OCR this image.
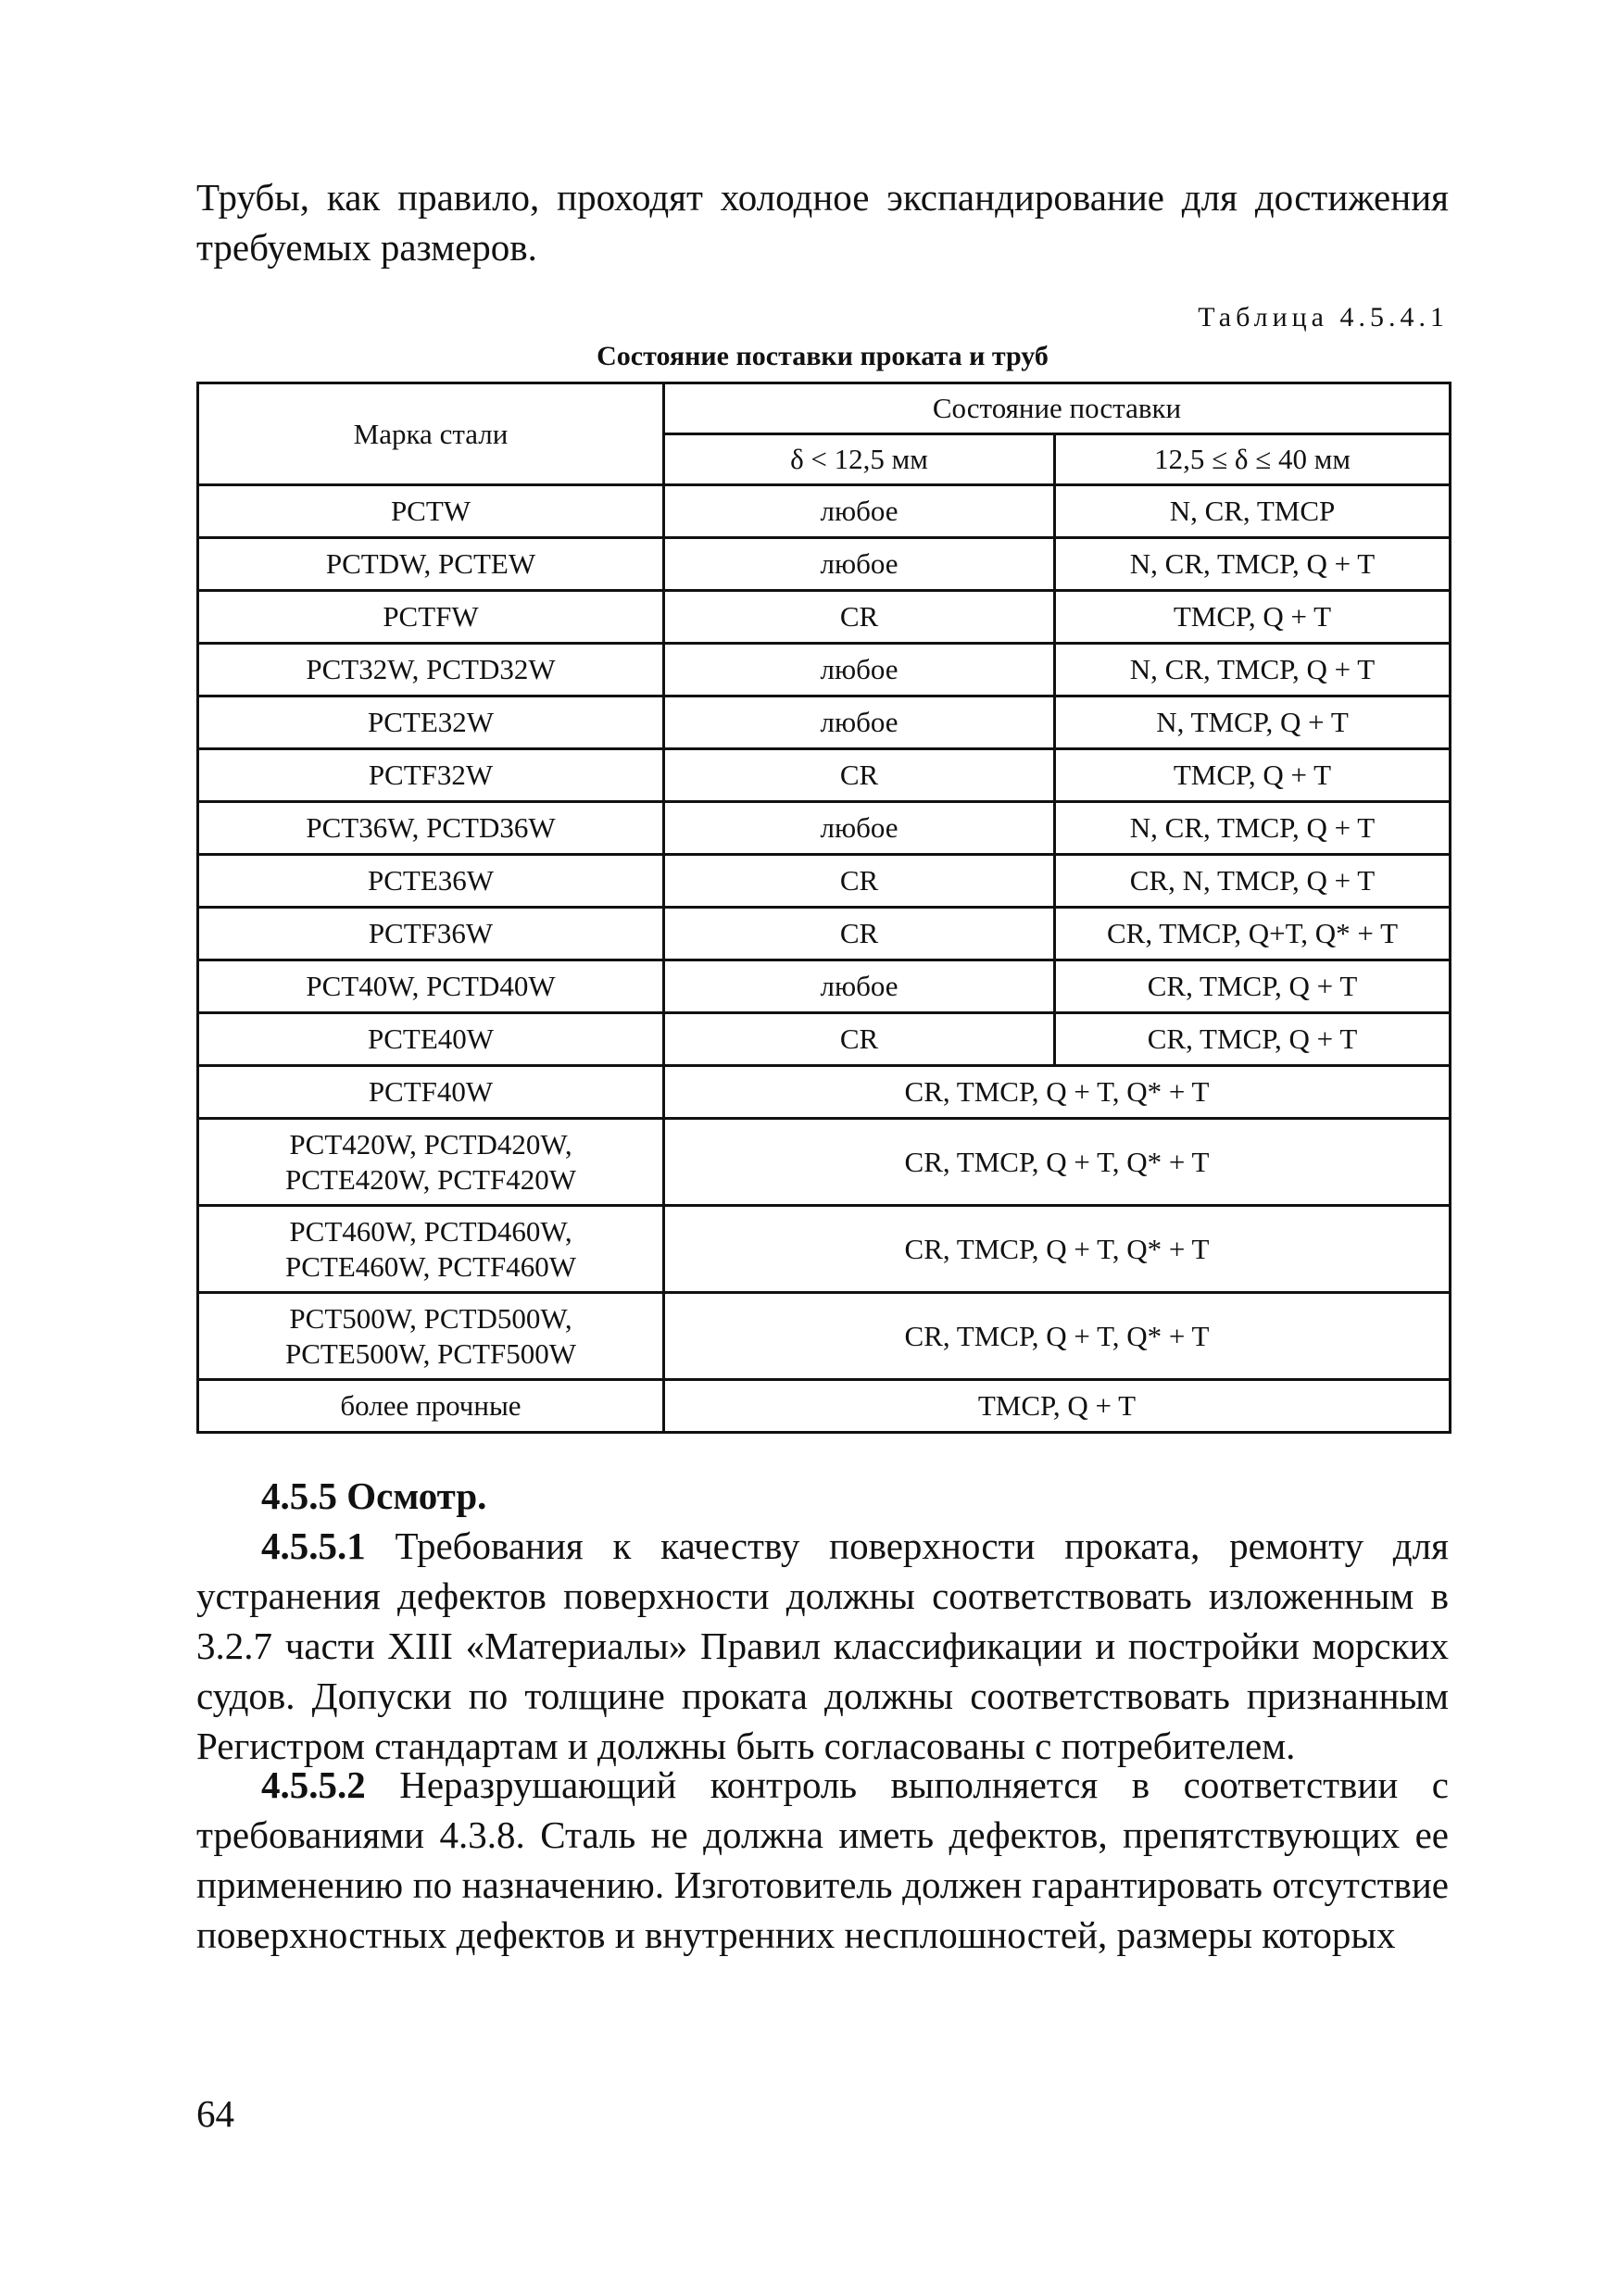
Трубы, как правило, проходят холодное экспандирование для достижения требуемых размеров.

Таблица 4.5.4.1
Состояние поставки проката и труб
Марка стали	Состояние поставки	
	δ < 12,5 мм	12,5 ≤ δ ≤ 40 мм
PCTW	любое	N, CR, TMCP
PCTDW, PCTEW	любое	N, CR, TMCP, Q + T
PCTFW	CR	TMCP, Q + T
PCT32W, PCTD32W	любое	N, CR, TMCP, Q + T
PCTE32W	любое	N, TMCP, Q + T
PCTF32W	CR	TMCP, Q + T
PCT36W, PCTD36W	любое	N, CR, TMCP, Q + T
PCTE36W	CR	CR, N, TMCP, Q + T
PCTF36W	CR	CR, TMCP, Q+T, Q* + T
PCT40W, PCTD40W	любое	CR, TMCP, Q + T
PCTE40W	CR	CR, TMCP, Q + T
PCTF40W	CR, TMCP, Q + T, Q* + T	
PCT420W, PCTD420W,
PCTE420W, PCTF420W	CR, TMCP, Q + T, Q* + T	
PCT460W, PCTD460W,
PCTE460W, PCTF460W	CR, TMCP, Q + T, Q* + T	
PCT500W, PCTD500W,
PCTE500W, PCTF500W	CR, TMCP, Q + T, Q* + T	
более прочные	TMCP, Q + T	

4.5.5 Осмотр.

4.5.5.1 Требования к качеству поверхности проката, ремонту для устранения дефектов поверхности должны соответствовать изложенным в 3.2.7 части XIII «Материалы» Правил классификации и постройки морских судов. Допуски по толщине проката должны соответствовать признанным Регистром стандартам и должны быть согласованы с потребителем.

4.5.5.2 Неразрушающий контроль выполняется в соответствии с требованиями 4.3.8. Сталь не должна иметь дефектов, препятствующих ее применению по назначению. Изготовитель должен гарантировать отсутствие поверхностных дефектов и внутренних несплошностей, размеры которых

64
